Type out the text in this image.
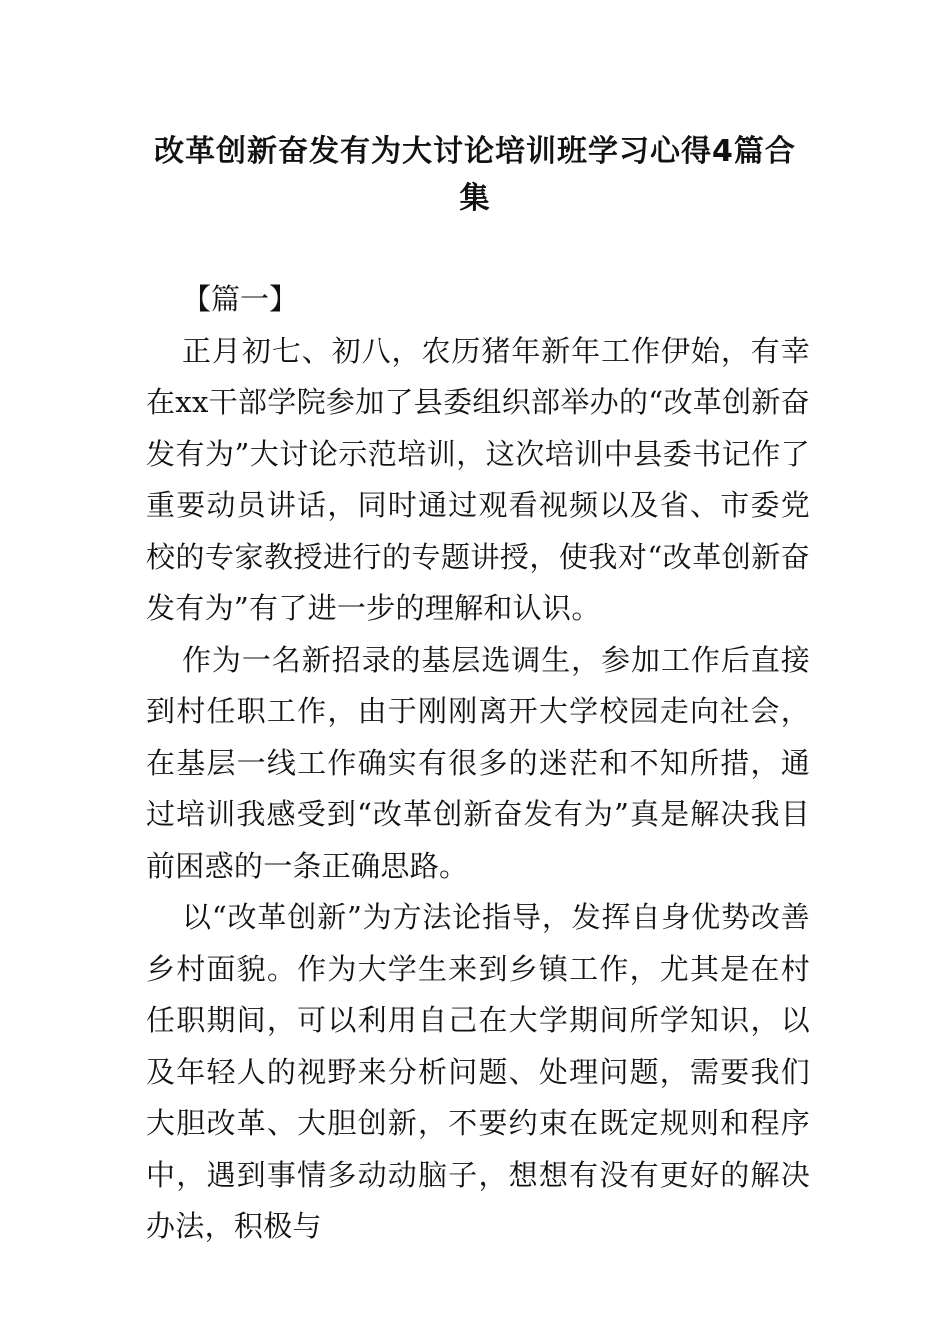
改革创新奋发有为大讨论培训班学习心得4篇合集

【篇一】

正月初七、初八，农历猪年新年工作伊始，有幸在xx干部学院参加了县委组织部举办的“改革创新奋发有为”大讨论示范培训，这次培训中县委书记作了重要动员讲话，同时通过观看视频以及省、市委党校的专家教授进行的专题讲授，使我对“改革创新奋发有为”有了进一步的理解和认识。

作为一名新招录的基层选调生，参加工作后直接到村任职工作，由于刚刚离开大学校园走向社会，在基层一线工作确实有很多的迷茫和不知所措，通过培训我感受到“改革创新奋发有为”真是解决我目前困惑的一条正确思路。

以“改革创新”为方法论指导，发挥自身优势改善乡村面貌。作为大学生来到乡镇工作，尤其是在村任职期间，可以利用自己在大学期间所学知识，以及年轻人的视野来分析问题、处理问题，需要我们大胆改革、大胆创新，不要约束在既定规则和程序中，遇到事情多动动脑子，想想有没有更好的解决办法，积极与
